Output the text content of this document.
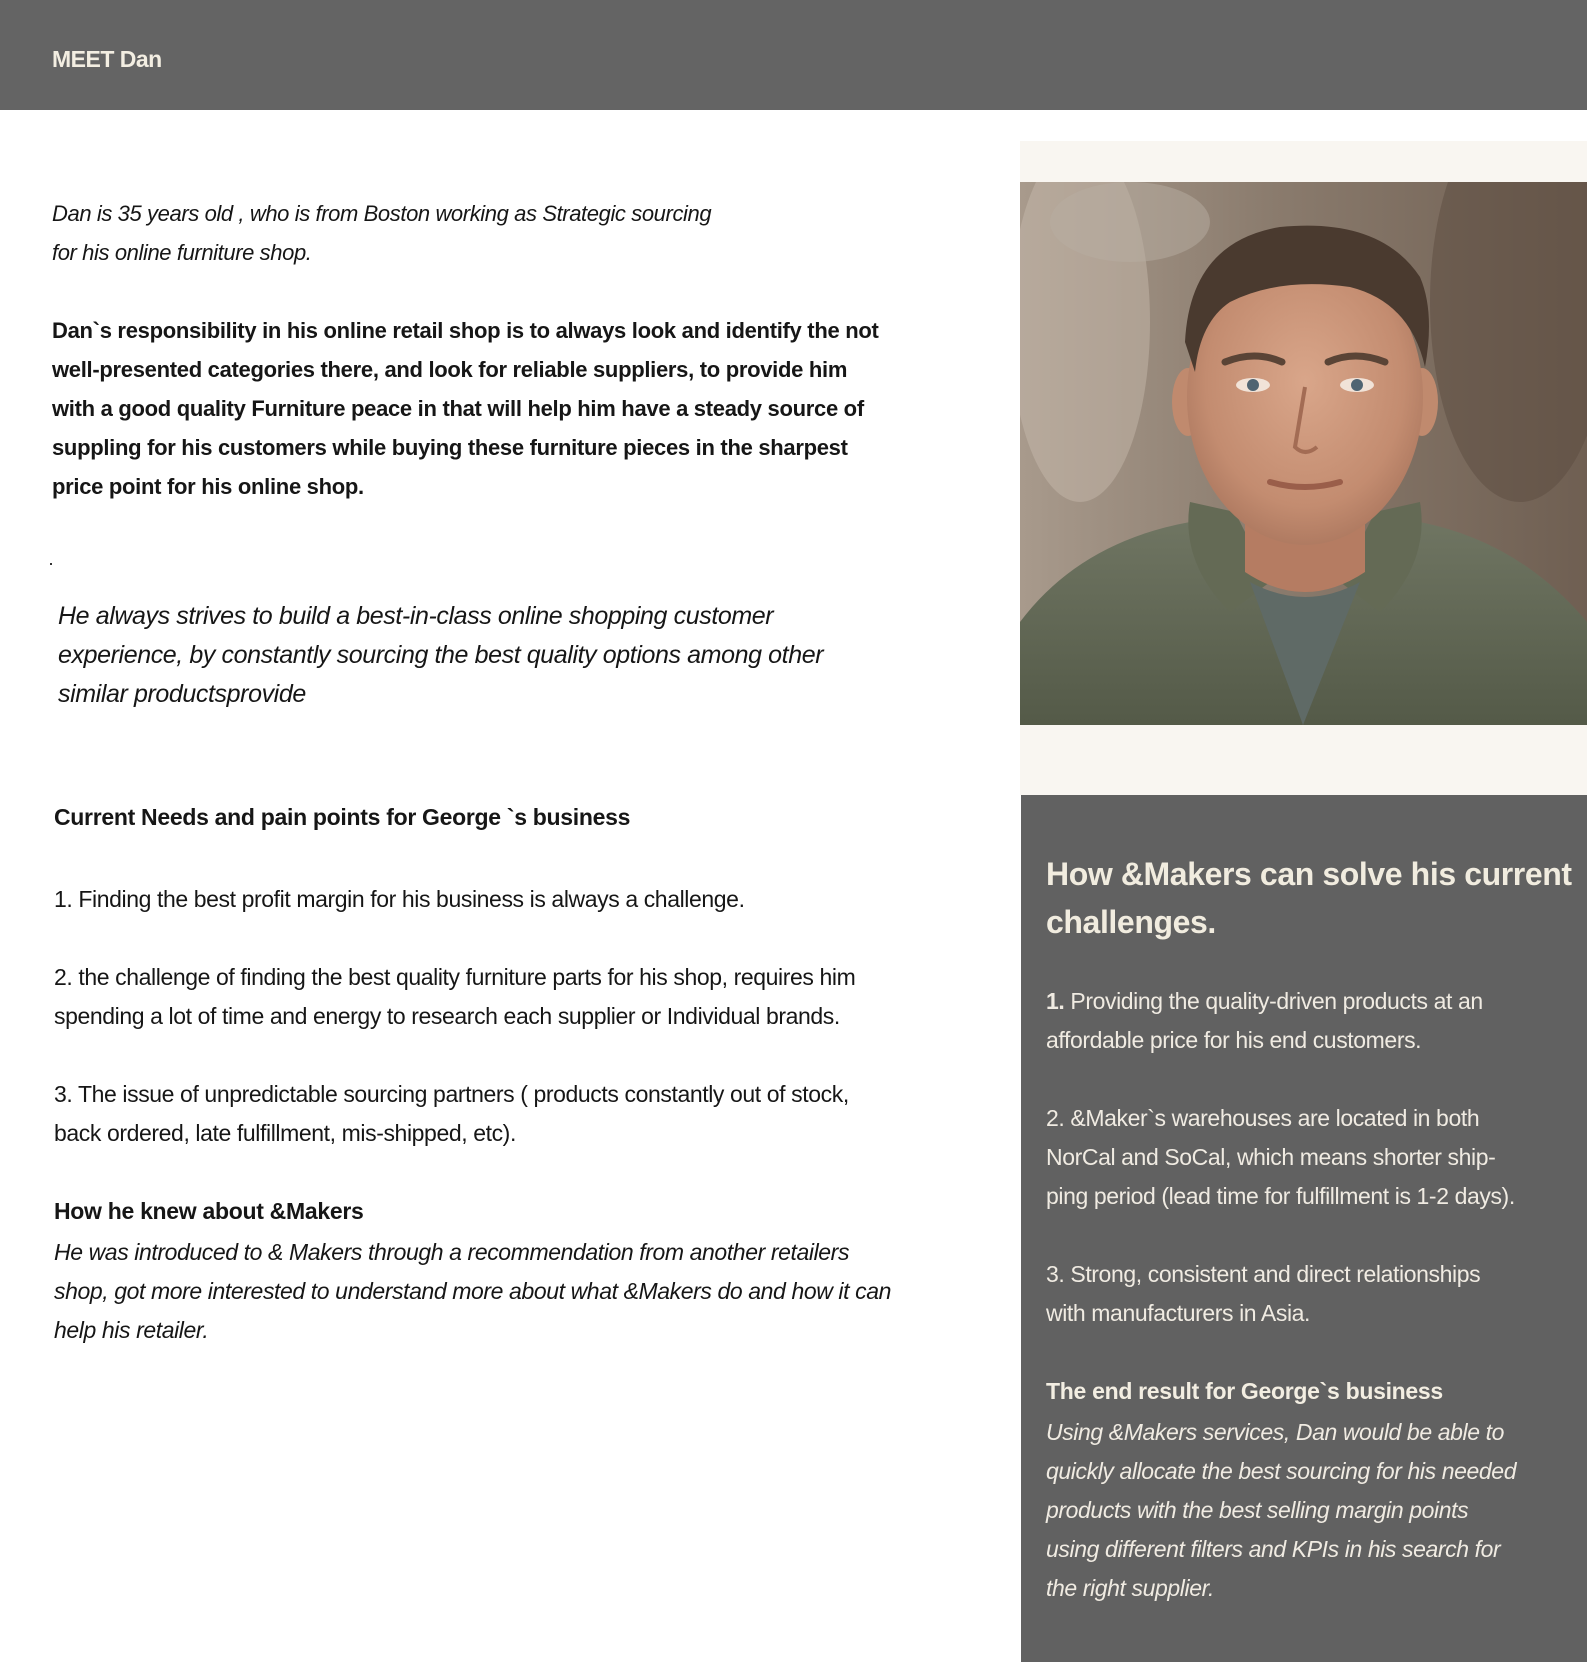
MEET Dan
Dan is 35 years old , who is from Boston working as Strategic sourcing
for his online furniture shop.
Dan`s responsibility in his online retail shop is to always look and identify the not
well-presented categories there, and look for reliable suppliers, to provide him
with a good quality Furniture peace in that will help him have a steady source of
suppling for his customers while buying these furniture pieces in the sharpest
price point for his online shop.
He always strives to build a best-in-class online shopping customer
experience, by constantly sourcing the best quality options among other
similar productsprovide
Current Needs and pain points for George `s business
1. Finding the best profit margin for his business is always a challenge.
2. the challenge of finding the best quality furniture parts for his shop, requires him
spending a lot of time and energy to research each supplier or Individual brands.
3. The issue of unpredictable sourcing partners ( products constantly out of stock,
back ordered, late fulfillment, mis-shipped, etc).
How he knew about &Makers
He was introduced to & Makers through a recommendation from another retailers
shop, got more interested to understand more about what &Makers do and how it can
help his retailer.
How &Makers can solve his current
challenges.
1. Providing the quality-driven products at an
affordable price for his end customers.
2. &Maker`s warehouses are located in both
NorCal and SoCal, which means shorter ship-
ping period (lead time for fulfillment is 1-2 days).
3. Strong, consistent and direct relationships
with manufacturers in Asia.
The end result for George`s business
Using &Makers services, Dan would be able to
quickly allocate the best sourcing for his needed
products with the best selling margin points
using different filters and KPIs in his search for
the right supplier.
